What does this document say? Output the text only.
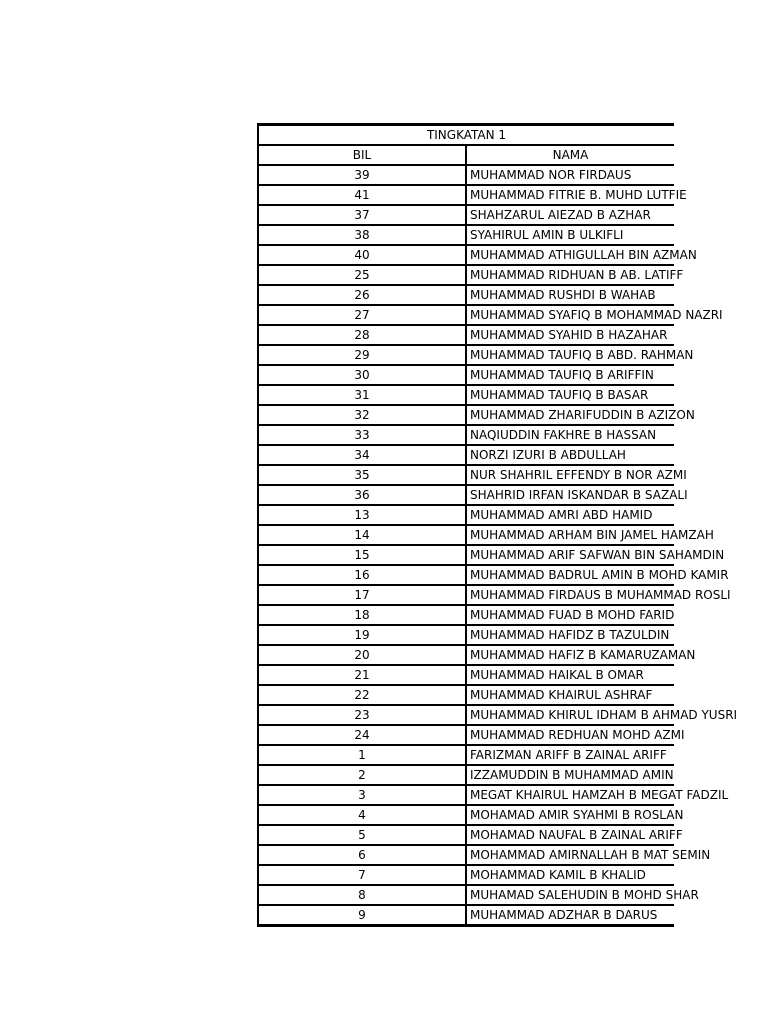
TINGKATAN 1	
BIL	NAMA
39	MUHAMMAD NOR FIRDAUS
41	MUHAMMAD FITRIE B. MUHD LUTFIE
37	SHAHZARUL AIEZAD B AZHAR
38	SYAHIRUL AMIN B ULKIFLI
40	MUHAMMAD ATHIGULLAH BIN AZMAN
25	MUHAMMAD RIDHUAN B AB. LATIFF
26	MUHAMMAD RUSHDI B WAHAB
27	MUHAMMAD SYAFIQ B MOHAMMAD NAZRI
28	MUHAMMAD SYAHID B HAZAHAR
29	MUHAMMAD TAUFIQ B ABD. RAHMAN
30	MUHAMMAD TAUFIQ B ARIFFIN
31	MUHAMMAD TAUFIQ B BASAR
32	MUHAMMAD ZHARIFUDDIN B AZIZON
33	NAQIUDDIN FAKHRE B HASSAN
34	NORZI IZURI B ABDULLAH
35	NUR SHAHRIL EFFENDY B NOR AZMI
36	SHAHRID IRFAN ISKANDAR B SAZALI
13	MUHAMMAD AMRI ABD HAMID
14	MUHAMMAD ARHAM BIN JAMEL HAMZAH
15	MUHAMMAD ARIF SAFWAN BIN SAHAMDIN
16	MUHAMMAD BADRUL AMIN B MOHD KAMIR
17	MUHAMMAD FIRDAUS B MUHAMMAD ROSLI
18	MUHAMMAD FUAD B MOHD FARID
19	MUHAMMAD HAFIDZ B TAZULDIN
20	MUHAMMAD HAFIZ B KAMARUZAMAN
21	MUHAMMAD HAIKAL B OMAR
22	MUHAMMAD KHAIRUL ASHRAF
23	MUHAMMAD KHIRUL IDHAM B AHMAD YUSRI
24	MUHAMMAD REDHUAN MOHD AZMI
1	FARIZMAN ARIFF B ZAINAL ARIFF
2	IZZAMUDDIN B MUHAMMAD AMIN
3	MEGAT KHAIRUL HAMZAH B MEGAT FADZIL
4	MOHAMAD AMIR SYAHMI B ROSLAN
5	MOHAMAD NAUFAL B ZAINAL ARIFF
6	MOHAMMAD AMIRNALLAH B MAT SEMIN
7	MOHAMMAD KAMIL B KHALID
8	MUHAMAD SALEHUDIN B MOHD SHAR
9	MUHAMMAD ADZHAR B DARUS
